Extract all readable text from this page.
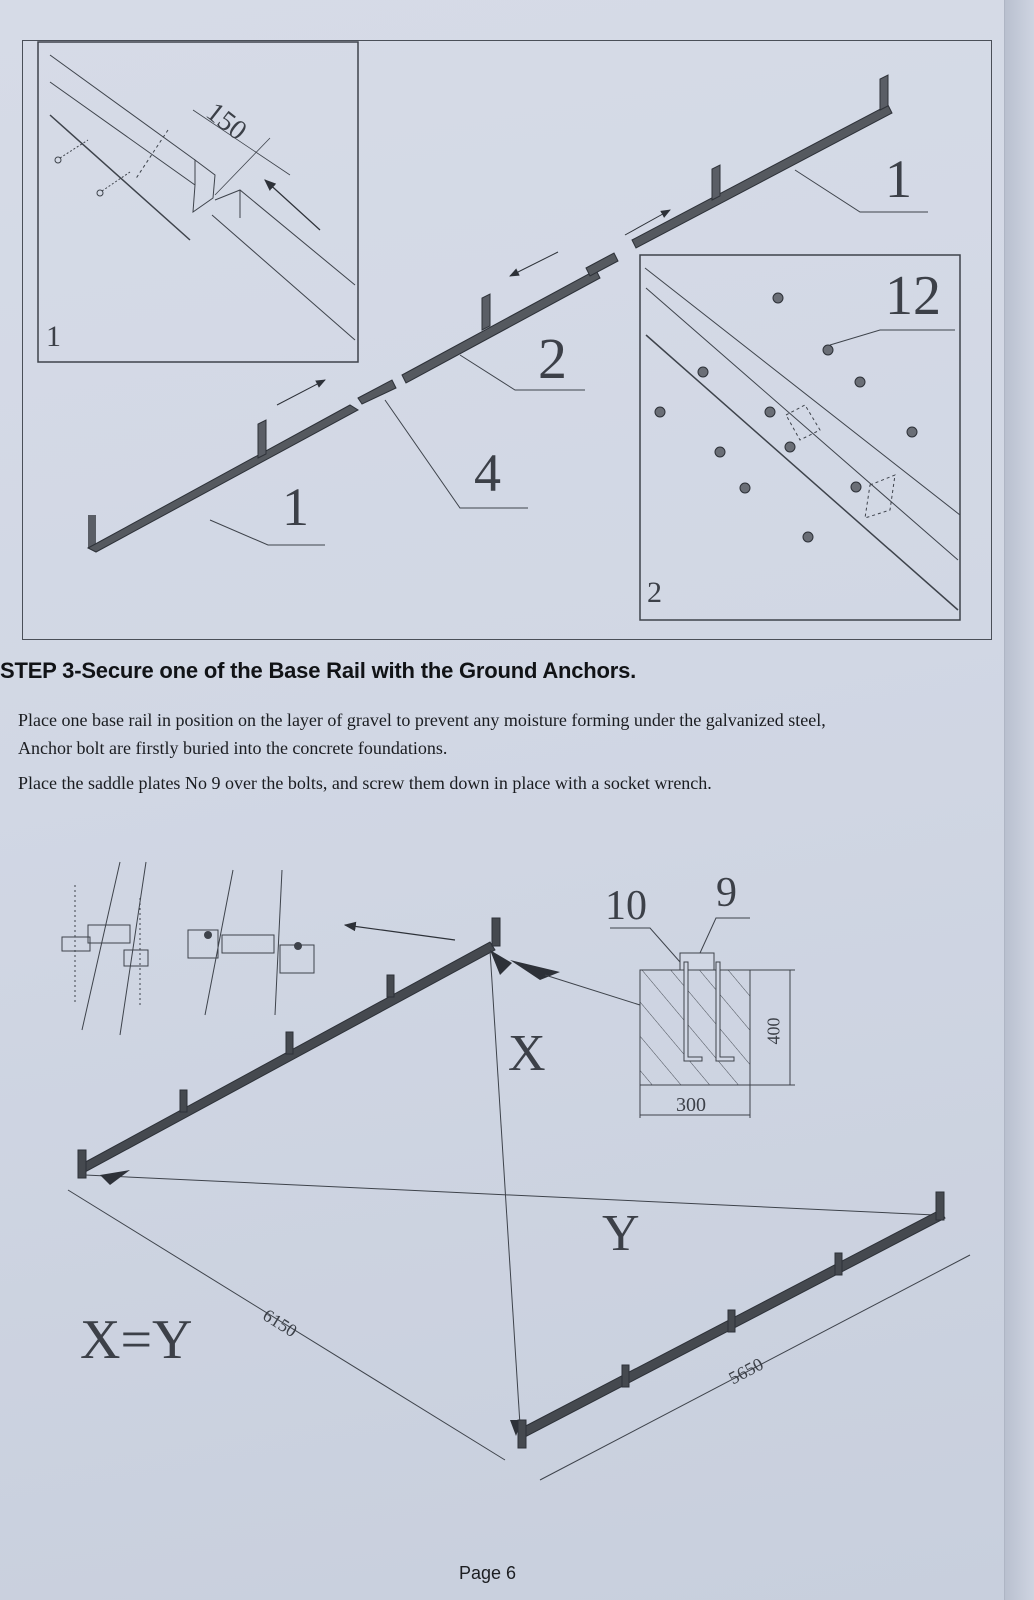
150
1
1
4
2
1
12
2
STEP 3-Secure one of the Base Rail with the Ground Anchors.
Place one base rail in position on the layer of gravel to prevent any moisture forming under the galvanized steel,
Anchor bolt are firstly buried into the concrete foundations.
Place the saddle plates No 9 over the bolts, and screw them down in place with a socket wrench.
X
Y
X=Y	6150
5650
10 9
300
400
Page 6
